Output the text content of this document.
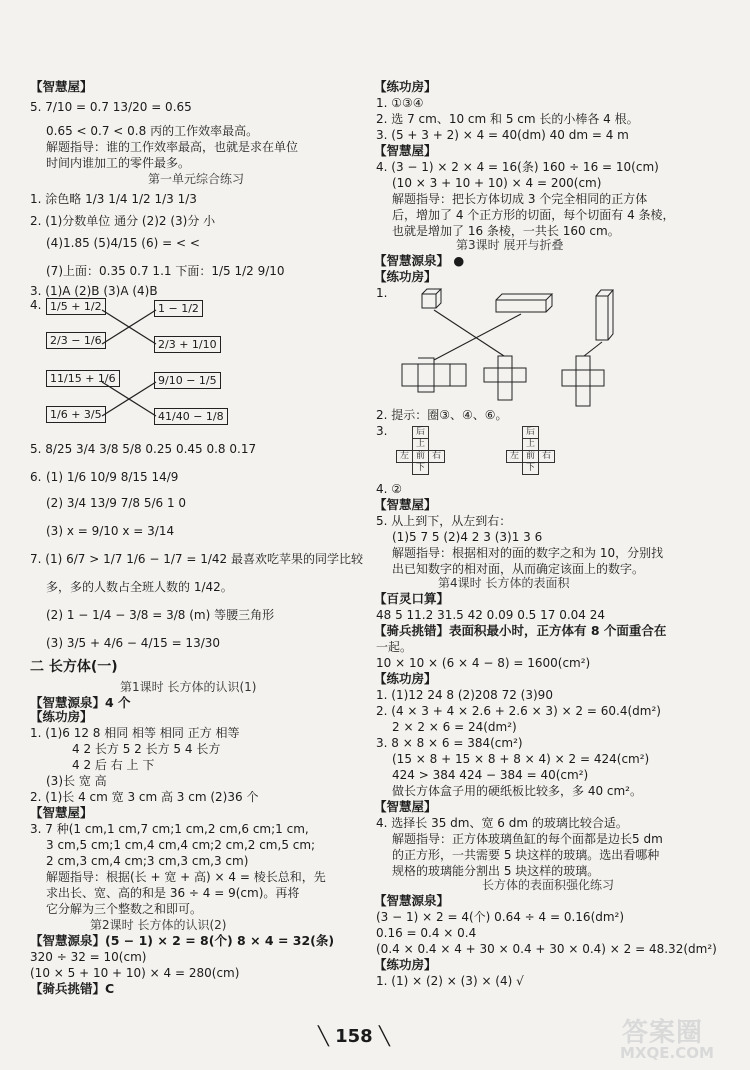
【智慧屋】
5. 7/10 = 0.7 13/20 = 0.65
0.65 < 0.7 < 0.8 丙的工作效率最高。
解题指导：谁的工作效率最高，也就是求在单位
时间内谁加工的零件最多。
第一单元综合练习
1. 涂色略 1/3 1/4 1/2 1/3 1/3
2. (1)分数单位 通分 (2)2 (3)分 小
(4)1.85 (5)4/15 (6) = < <
(7)上面：0.35 0.7 1.1 下面：1/5 1/2 9/10
3. (1)A (2)B (3)A (4)B
4. 1/5 + 1/2
2/3 − 1/6
11/15 + 1/6
1/6 + 3/5
1 − 1/2
2/3 + 1/10
9/10 − 1/5
41/40 − 1/8
5. 8/25 3/4 3/8 5/8 0.25 0.45 0.8 0.17
6. (1) 1/6 10/9 8/15 14/9
(2) 3/4 13/9 7/8 5/6 1 0
(3) x = 9/10 x = 3/14
7. (1) 6/7 > 1/7 1/6 − 1/7 = 1/42 最喜欢吃苹果的同学比较
多，多的人数占全班人数的 1/42。
(2) 1 − 1/4 − 3/8 = 3/8 (m) 等腰三角形
(3) 3/5 + 4/6 − 4/15 = 13/30
二 长方体(一)
第1课时 长方体的认识(1)
【智慧源泉】4 个
【练功房】
1. (1)6 12 8 相同 相等 相同 正方 相等
4 2 长方 5 2 长方 5 4 长方
4 2 后 右 上 下
(3)长 宽 高
2. (1)长 4 cm 宽 3 cm 高 3 cm (2)36 个
【智慧屋】
3. 7 种(1 cm,1 cm,7 cm;1 cm,2 cm,6 cm;1 cm,
3 cm,5 cm;1 cm,4 cm,4 cm;2 cm,2 cm,5 cm;
2 cm,3 cm,4 cm;3 cm,3 cm,3 cm)
解题指导：根据(长 + 宽 + 高) × 4 = 棱长总和，先
求出长、宽、高的和是 36 ÷ 4 = 9(cm)。再将
它分解为三个整数之和即可。
第2课时 长方体的认识(2)
【智慧源泉】(5 − 1) × 2 = 8(个) 8 × 4 = 32(条)
320 ÷ 32 = 10(cm)
(10 × 5 + 10 + 10) × 4 = 280(cm)
【骑兵挑错】C
【练功房】
1. ①③④
2. 选 7 cm、10 cm 和 5 cm 长的小棒各 4 根。
3. (5 + 3 + 2) × 4 = 40(dm) 40 dm = 4 m
【智慧屋】
4. (3 − 1) × 2 × 4 = 16(条) 160 ÷ 16 = 10(cm)
(10 × 3 + 10 + 10) × 4 = 200(cm)
解题指导：把长方体切成 3 个完全相同的正方体
后，增加了 4 个正方形的切面，每个切面有 4 条棱，
也就是增加了 16 条棱，一共长 160 cm。
第3课时 展开与折叠
【智慧源泉】 ●
【练功房】
1.
2. 提示：圈③、④、⑥。
3.
		后		
	上		
左	前	右	
	下		
	后	
	上	
左	前	右
	下	
4. ②
【智慧屋】
5. 从上到下，从左到右：
(1)5 7 5 (2)4 2 3 (3)1 3 6
解题指导：根据相对的面的数字之和为 10，分别找
出已知数字的相对面，从而确定该面上的数字。
第4课时 长方体的表面积
【百灵口算】
48 5 11.2 31.5 42 0.09 0.5 17 0.04 24
【骑兵挑错】表面积最小时，正方体有 8 个面重合在
一起。
10 × 10 × (6 × 4 − 8) = 1600(cm²)
【练功房】
1. (1)12 24 8 (2)208 72 (3)90
2. (4 × 3 + 4 × 2.6 + 2.6 × 3) × 2 = 60.4(dm²)
2 × 2 × 6 = 24(dm²)
3. 8 × 8 × 6 = 384(cm²)
(15 × 8 + 15 × 8 + 8 × 4) × 2 = 424(cm²)
424 > 384 424 − 384 = 40(cm²)
做长方体盒子用的硬纸板比较多，多 40 cm²。
【智慧屋】
4. 选择长 35 dm、宽 6 dm 的玻璃比较合适。
解题指导：正方体玻璃鱼缸的每个面都是边长5 dm
的正方形，一共需要 5 块这样的玻璃。选出看哪种
规格的玻璃能分割出 5 块这样的玻璃。
长方体的表面积强化练习
【智慧源泉】
(3 − 1) × 2 = 4(个) 0.64 ÷ 4 = 0.16(dm²)
0.16 = 0.4 × 0.4
(0.4 × 0.4 × 4 + 30 × 0.4 + 30 × 0.4) × 2 = 48.32(dm²)
【练功房】
1. (1) × (2) × (3) × (4) √
╲ 158 ╲	答案圈
MXQE.COM
